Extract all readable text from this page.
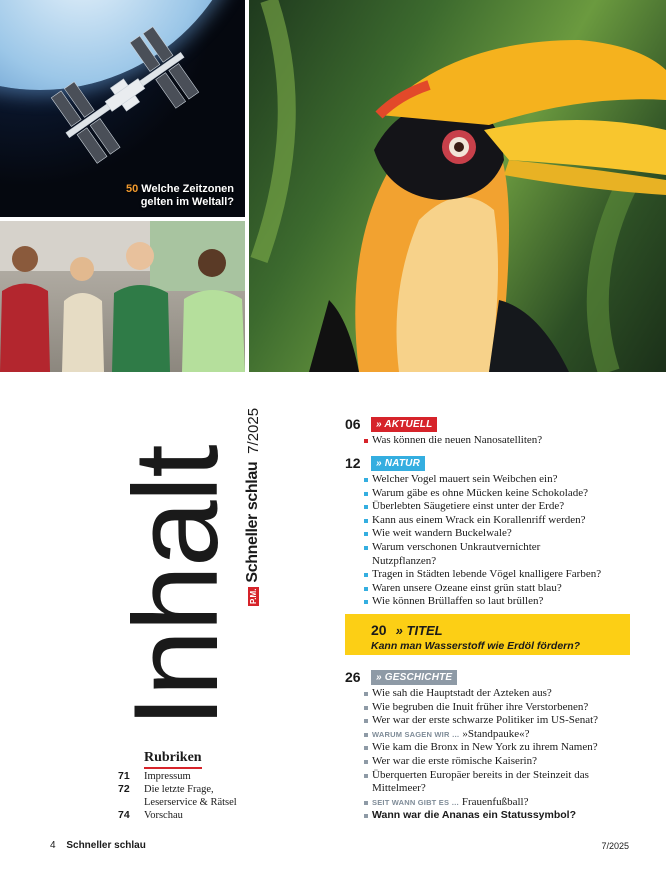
50 Welche Zeitzonen gelten im Weltall?
Inhalt P.M.
Schneller schlau
7/2025
Rubriken
71	Impressum
72	Die letzte Frage,
Leserservice & Rätsel
74	Vorschau
06	» AKTUELL
Was können die neuen Nanosatelliten?
12	» NATUR
Welcher Vogel mauert sein Weibchen ein?
Warum gäbe es ohne Mücken keine Schokolade?
Überlebten Säugetiere einst unter der Erde?
Kann aus einem Wrack ein Korallenriff werden?
Wie weit wandern Buckelwale?
Warum verschonen Unkrautvernichter Nutzpflanzen?
Tragen in Städten lebende Vögel knalligere Farben?
Waren unsere Ozeane einst grün statt blau?
Wie können Brüllaffen so laut brüllen?
20 » TITEL
Kann man Wasserstoff wie Erdöl fördern?
26	» GESCHICHTE
Wie sah die Hauptstadt der Azteken aus?
Wie begruben die Inuit früher ihre Verstorbenen?
Wer war der erste schwarze Politiker im US-Senat?
WARUM SAGEN WIR … »Standpauke«?
Wie kam die Bronx in New York zu ihrem Namen?
Wer war die erste römische Kaiserin?
Überquerten Europäer bereits in der Steinzeit das Mittelmeer?
SEIT WANN GIBT ES … Frauenfußball?
Wann war die Ananas ein Statussymbol?
4 Schneller schlau	7/2025
